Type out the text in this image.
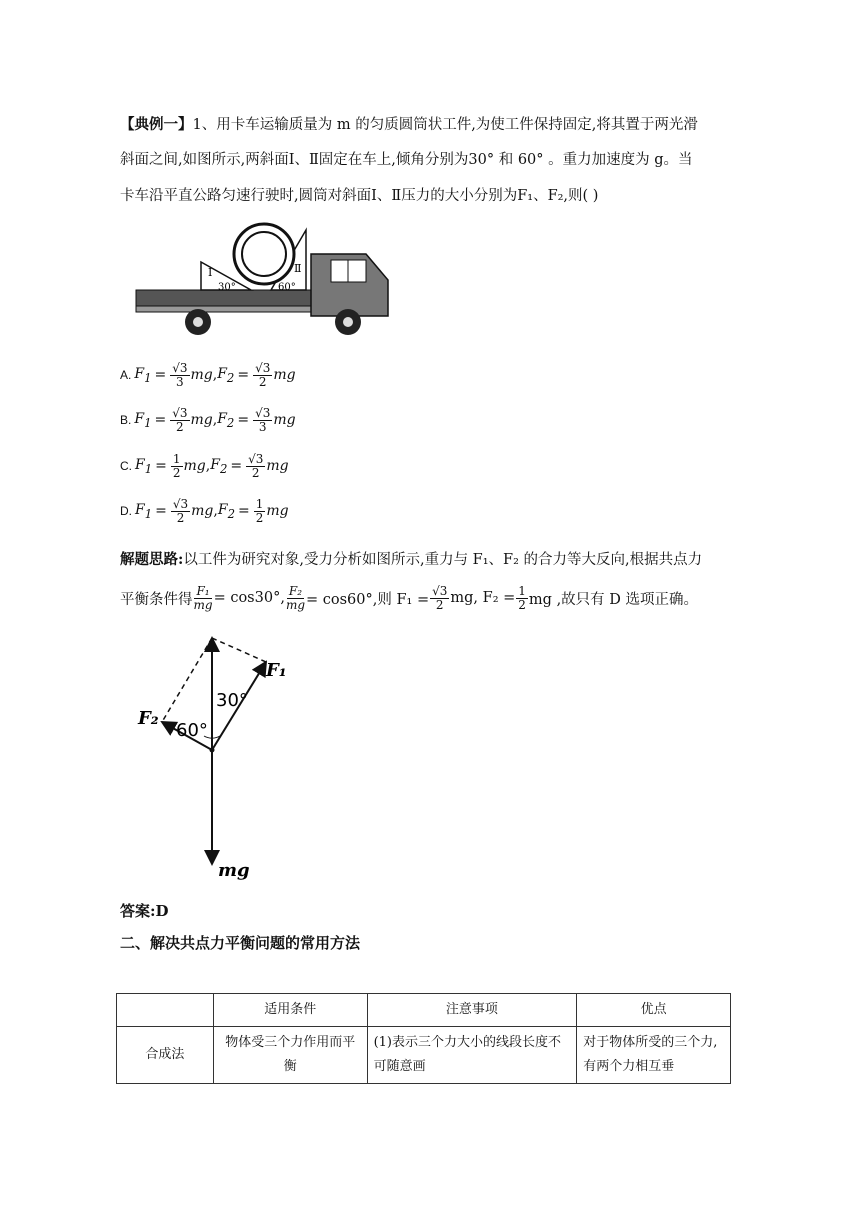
【典例一】1、用卡车运输质量为 m 的匀质圆筒状工件,为使工件保持固定,将其置于两光滑
斜面之间,如图所示,两斜面Ⅰ、Ⅱ固定在车上,倾角分别为30° 和 60° 。重力加速度为 g。当
卡车沿平直公路匀速行驶时,圆筒对斜面Ⅰ、Ⅱ压力的大小分别为F₁、F₂,则( )
Ⅰ
30°
Ⅱ
60°
A. $F_1 = \frac{√3}{3}$ mg , $F_2 = \frac{√3}{2}$ mg
B. $F_1 = \frac{√3}{2}$ mg , $F_2 = \frac{√3}{3}$ mg
C. $F_1 = \frac{1}{2}$ mg , $F_2 = \frac{√3}{2}$ mg
D. $F_1 = \frac{√3}{2}$ mg , $F_2 = \frac{1}{2}$ mg
解题思路:以工件为研究对象,受力分析如图所示,重力与 F₁、F₂ 的合力等大反向,根据共点力
平衡条件得 $\frac{\text{F₁}}{mg} = \cos 30^\circ$, $\frac{\text{F₂}}{mg} = \cos 60^\circ$,则 $F_1 = \frac{√3}{2}$ mg, $F_2 = \frac{1}{2}$ mg ,故只有 D 选项正确。
30°
60°
F₁
F₂
mg
答案:D
二、解决共点力平衡问题的常用方法
	适用条件	注意事项	优点
合成法	物体受三个力作用而平衡	(1)表示三个力大小的线段长度不可随意画	对于物体所受的三个力,有两个力相互垂
